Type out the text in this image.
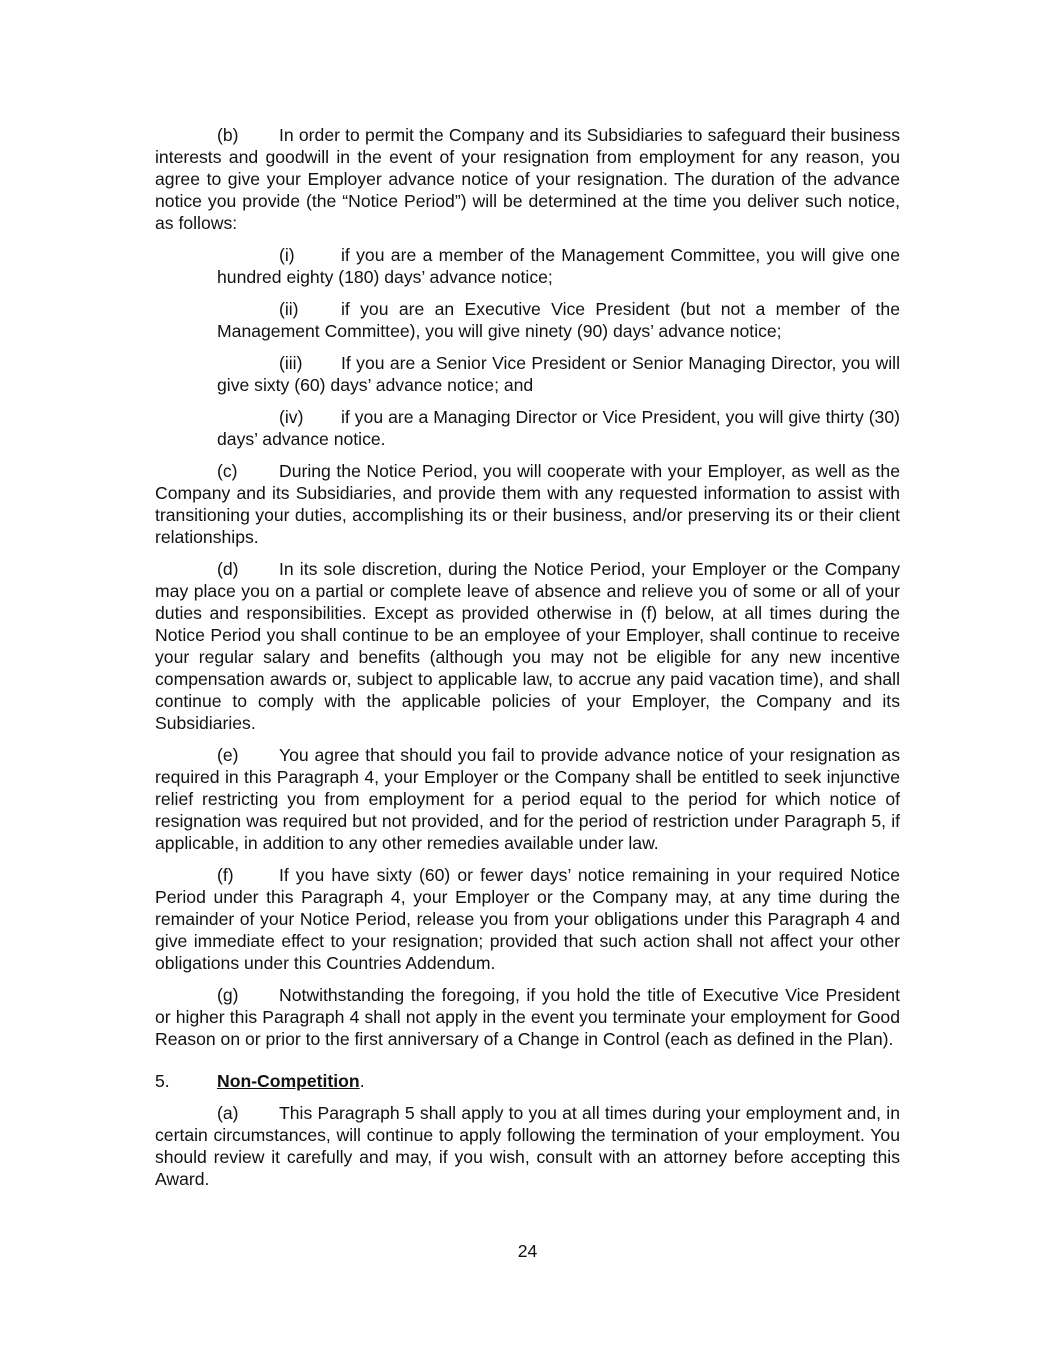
(b) In order to permit the Company and its Subsidiaries to safeguard their business interests and goodwill in the event of your resignation from employment for any reason, you agree to give your Employer advance notice of your resignation. The duration of the advance notice you provide (the “Notice Period”) will be determined at the time you deliver such notice, as follows:

(i)	if you are a member of the Management Committee, you will give one hundred eighty (180) days’ advance notice;

(ii) if you are an Executive Vice President (but not a member of the Management Committee), you will give ninety (90) days’ advance notice;

(iii) If you are a Senior Vice President or Senior Managing Director, you will give sixty (60) days’ advance notice; and

(iv) if you are a Managing Director or Vice President, you will give thirty (30) days’ advance notice.

(c) During the Notice Period, you will cooperate with your Employer, as well as the Company and its Subsidiaries, and provide them with any requested information to assist with transitioning your duties, accomplishing its or their business, and/or preserving its or their client relationships.

(d) In its sole discretion, during the Notice Period, your Employer or the Company may place you on a partial or complete leave of absence and relieve you of some or all of your duties and responsibilities. Except as provided otherwise in (f) below, at all times during the Notice Period you shall continue to be an employee of your Employer, shall continue to receive your regular salary and benefits (although you may not be eligible for any new incentive compensation awards or, subject to applicable law, to accrue any paid vacation time), and shall continue to comply with the applicable policies of your Employer, the Company and its Subsidiaries.

(e) You agree that should you fail to provide advance notice of your resignation as required in this Paragraph 4, your Employer or the Company shall be entitled to seek injunctive relief restricting you from employment for a period equal to the period for which notice of resignation was required but not provided, and for the period of restriction under Paragraph 5, if applicable, in addition to any other remedies available under law.

(f)	If you have sixty (60) or fewer days’ notice remaining in your required Notice Period under this Paragraph 4, your Employer or the Company may, at any time during the remainder of your Notice Period, release you from your obligations under this Paragraph 4 and give immediate effect to your resignation; provided that such action shall not affect your other obligations under this Countries Addendum.

(g) Notwithstanding the foregoing, if you hold the title of Executive Vice President or higher this Paragraph 4 shall not apply in the event you terminate your employment for Good Reason on or prior to the first anniversary of a Change in Control (each as defined in the Plan).

5.	Non-Competition.

(a) This Paragraph 5 shall apply to you at all times during your employment and, in certain circumstances, will continue to apply following the termination of your employment. You should review it carefully and may, if you wish, consult with an attorney before accepting this Award.

24
